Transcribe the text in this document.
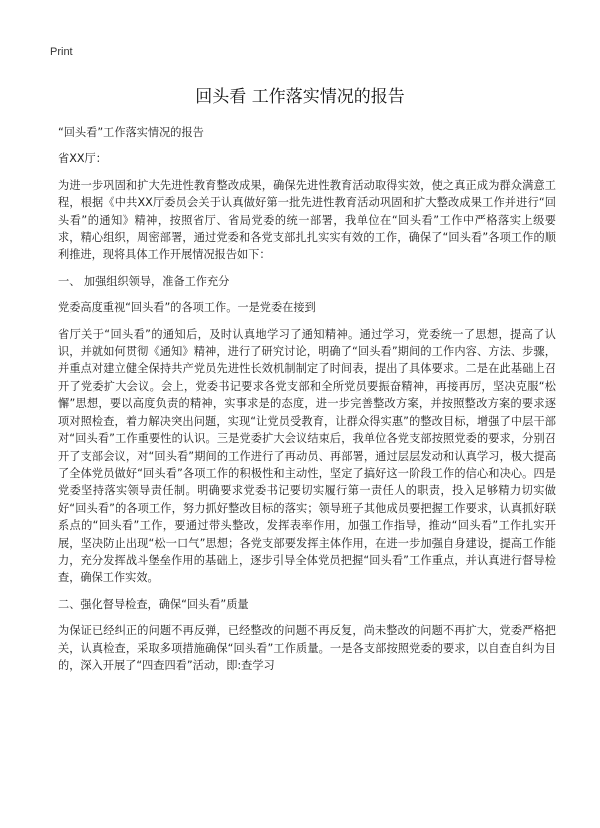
Print
回头看 工作落实情况的报告

“回头看”工作落实情况的报告

省XX厅：

为进一步巩固和扩大先进性教育整改成果，确保先进性教育活动取得实效，使之真正成为群众满意工程，根据《中共XX厅委员会关于认真做好第一批先进性教育活动巩固和扩大整改成果工作并进行“回头看”的通知》精神，按照省厅、省局党委的统一部署，我单位在“回头看”工作中严格落实上级要求，精心组织，周密部署，通过党委和各党支部扎扎实实有效的工作，确保了“回头看”各项工作的顺利推进，现将具体工作开展情况报告如下：

一、 加强组织领导，准备工作充分

党委高度重视“回头看”的各项工作。一是党委在接到

省厅关于“回头看”的通知后，及时认真地学习了通知精神。通过学习，党委统一了思想，提高了认识，并就如何贯彻《通知》精神，进行了研究讨论，明确了“回头看”期间的工作内容、方法、步骤，并重点对建立健全保持共产党员先进性长效机制制定了时间表，提出了具体要求。二是在此基础上召开了党委扩大会议。会上，党委书记要求各党支部和全所党员要振奋精神，再接再厉，坚决克服“松懈”思想，要以高度负责的精神，实事求是的态度，进一步完善整改方案，并按照整改方案的要求逐项对照检查，着力解决突出问题，实现“让党员受教育，让群众得实惠”的整改目标，增强了中层干部对“回头看”工作重要性的认识。三是党委扩大会议结束后，我单位各党支部按照党委的要求，分别召开了支部会议，对“回头看”期间的工作进行了再动员、再部署，通过层层发动和认真学习，极大提高了全体党员做好“回头看”各项工作的积极性和主动性，坚定了搞好这一阶段工作的信心和决心。四是党委坚持落实领导责任制。明确要求党委书记要切实履行第一责任人的职责，投入足够精力切实做好“回头看”的各项工作，努力抓好整改目标的落实；领导班子其他成员要把握工作要求，认真抓好联系点的“回头看”工作，要通过带头整改，发挥表率作用，加强工作指导，推动“回头看”工作扎实开展，坚决防止出现“松一口气”思想；各党支部要发挥主体作用，在进一步加强自身建设，提高工作能力，充分发挥战斗堡垒作用的基础上，逐步引导全体党员把握“回头看”工作重点，并认真进行督导检查，确保工作实效。

二、强化督导检查，确保“回头看”质量

为保证已经纠正的问题不再反弹，已经整改的问题不再反复，尚未整改的问题不再扩大，党委严格把关，认真检查，采取多项措施确保“回头看”工作质量。一是各支部按照党委的要求，以自查自纠为目的，深入开展了“四查四看”活动，即:查学习
